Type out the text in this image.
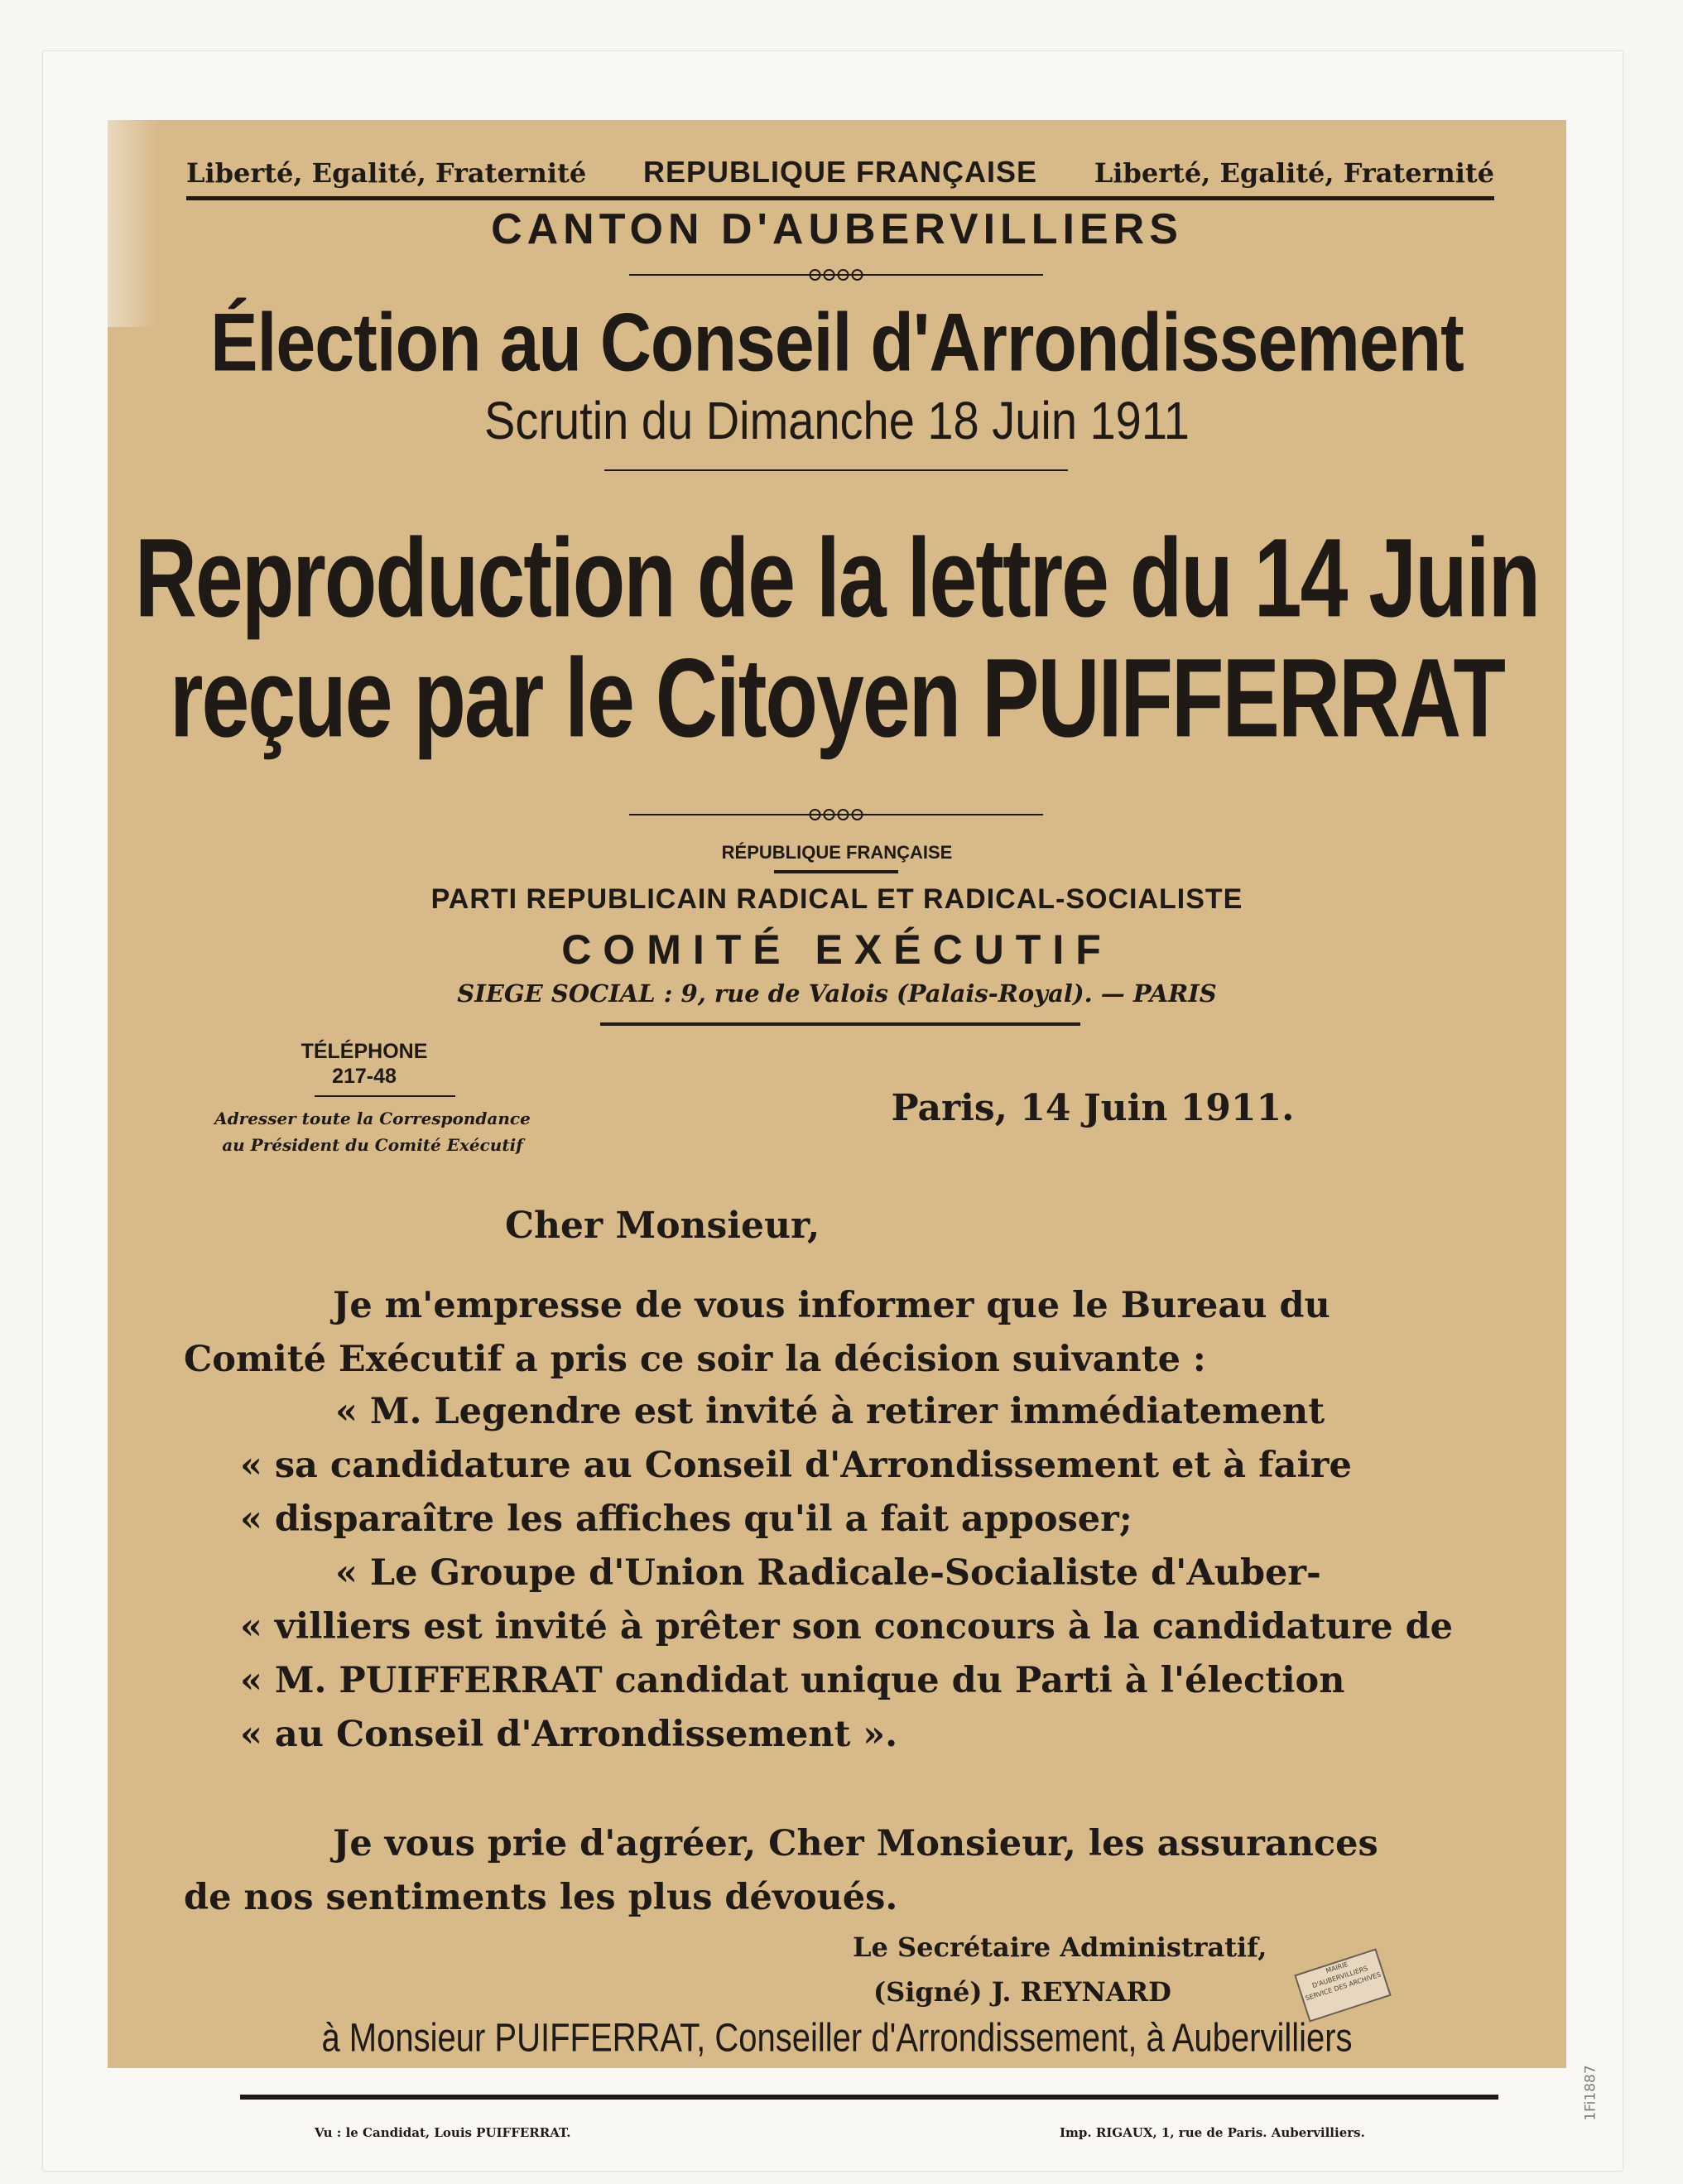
Liberté, Egalité, Fraternité REPUBLIQUE FRANÇAISE Liberté, Egalité, Fraternité
CANTON D'AUBERVILLIERS
Élection au Conseil d'Arrondissement
Scrutin du Dimanche 18 Juin 1911
Reproduction de la lettre du 14 Juin
reçue par le Citoyen PUIFFERRAT
RÉPUBLIQUE FRANÇAISE
PARTI REPUBLICAIN RADICAL ET RADICAL-SOCIALISTE
COMITÉ EXÉCUTIF
SIEGE SOCIAL : 9, rue de Valois (Palais-Royal). — PARIS
TÉLÉPHONE
217-48
Adresser toute la Correspondance
au Président du Comité Exécutif
Paris, 14 Juin 1911.
Cher Monsieur,
Je m'empresse de vous informer que le Bureau du
Comité Exécutif a pris ce soir la décision suivante :
« M. Legendre est invité à retirer immédiatement
« sa candidature au Conseil d'Arrondissement et à faire
« disparaître les affiches qu'il a fait apposer;
« Le Groupe d'Union Radicale-Socialiste d'Auber-
« villiers est invité à prêter son concours à la candidature de
« M. PUIFFERRAT candidat unique du Parti à l'élection
« au Conseil d'Arrondissement ».
Je vous prie d'agréer, Cher Monsieur, les assurances
de nos sentiments les plus dévoués.
Le Secrétaire Administratif,
(Signé) J. REYNARD
MAIRIE D'AUBERVILLIERS SERVICE DES ARCHIVES
à Monsieur PUIFFERRAT, Conseiller d'Arrondissement, à Aubervilliers
Vu : le Candidat, Louis PUIFFERRAT.	Imp. RIGAUX, 1, rue de Paris. Aubervilliers.
1Fi1887
